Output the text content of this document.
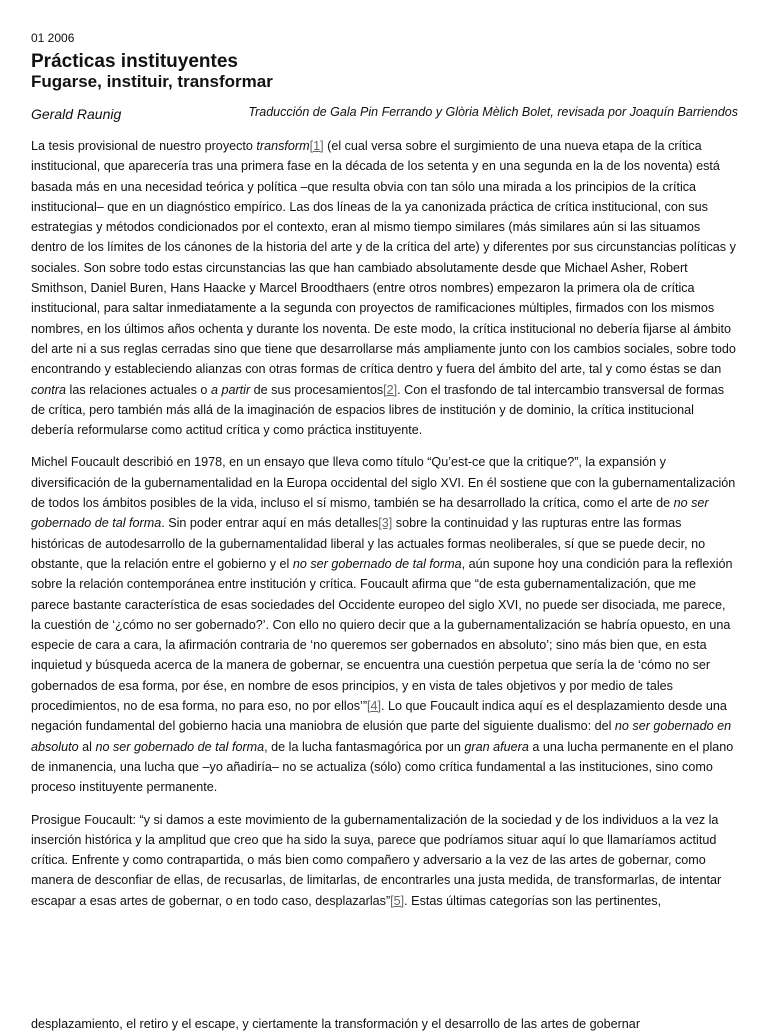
01 2006
Prácticas instituyentes
Fugarse, instituir, transformar
Gerald Raunig	Traducción de Gala Pin Ferrando y Glòria Mèlich Bolet, revisada por Joaquín Barriendos
La tesis provisional de nuestro proyecto transform[1] (el cual versa sobre el surgimiento de una nueva etapa de la crítica institucional, que aparecería tras una primera fase en la década de los setenta y en una segunda en la de los noventa) está basada más en una necesidad teórica y política –que resulta obvia con tan sólo una mirada a los principios de la crítica institucional– que en un diagnóstico empírico. Las dos líneas de la ya canonizada práctica de crítica institucional, con sus estrategias y métodos condicionados por el contexto, eran al mismo tiempo similares (más similares aún si las situamos dentro de los límites de los cánones de la historia del arte y de la crítica del arte) y diferentes por sus circunstancias políticas y sociales. Son sobre todo estas circunstancias las que han cambiado absolutamente desde que Michael Asher, Robert Smithson, Daniel Buren, Hans Haacke y Marcel Broodthaers (entre otros nombres) empezaron la primera ola de crítica institucional, para saltar inmediatamente a la segunda con proyectos de ramificaciones múltiples, firmados con los mismos nombres, en los últimos años ochenta y durante los noventa. De este modo, la crítica institucional no debería fijarse al ámbito del arte ni a sus reglas cerradas sino que tiene que desarrollarse más ampliamente junto con los cambios sociales, sobre todo encontrando y estableciendo alianzas con otras formas de crítica dentro y fuera del ámbito del arte, tal y como éstas se dan contra las relaciones actuales o a partir de sus procesamientos[2]. Con el trasfondo de tal intercambio transversal de formas de crítica, pero también más allá de la imaginación de espacios libres de institución y de dominio, la crítica institucional debería reformularse como actitud crítica y como práctica instituyente.
Michel Foucault describió en 1978, en un ensayo que lleva como título “Qu’est-ce que la critique?”, la expansión y diversificación de la gubernamentalidad en la Europa occidental del siglo XVI. En él sostiene que con la gubernamentalización de todos los ámbitos posibles de la vida, incluso el sí mismo, también se ha desarrollado la crítica, como el arte de no ser gobernado de tal forma. Sin poder entrar aquí en más detalles[3] sobre la continuidad y las rupturas entre las formas históricas de autodesarrollo de la gubernamentalidad liberal y las actuales formas neoliberales, sí que se puede decir, no obstante, que la relación entre el gobierno y el no ser gobernado de tal forma, aún supone hoy una condición para la reflexión sobre la relación contemporánea entre institución y crítica. Foucault afirma que “de esta gubernamentalización, que me parece bastante característica de esas sociedades del Occidente europeo del siglo XVI, no puede ser disociada, me parece, la cuestión de ‘¿cómo no ser gobernado?’. Con ello no quiero decir que a la gubernamentalización se habría opuesto, en una especie de cara a cara, la afirmación contraria de ‘no queremos ser gobernados en absoluto’; sino más bien que, en esta inquietud y búsqueda acerca de la manera de gobernar, se encuentra una cuestión perpetua que sería la de ‘cómo no ser gobernados de esa forma, por ése, en nombre de esos principios, y en vista de tales objetivos y por medio de tales procedimientos, no de esa forma, no para eso, no por ellos’”[4]. Lo que Foucault indica aquí es el desplazamiento desde una negación fundamental del gobierno hacia una maniobra de elusión que parte del siguiente dualismo: del no ser gobernado en absoluto al no ser gobernado de tal forma, de la lucha fantasmagórica por un gran afuera a una lucha permanente en el plano de inmanencia, una lucha que –yo añadiría– no se actualiza (sólo) como crítica fundamental a las instituciones, sino como proceso instituyente permanente.
Prosigue Foucault: “y si damos a este movimiento de la gubernamentalización de la sociedad y de los individuos a la vez la inserción histórica y la amplitud que creo que ha sido la suya, parece que podríamos situar aquí lo que llamaríamos actitud crítica. Enfrente y como contrapartida, o más bien como compañero y adversario a la vez de las artes de gobernar, como manera de desconfiar de ellas, de recusarlas, de limitarlas, de encontrarles una justa medida, de transformarlas, de intentar escapar a esas artes de gobernar, o en todo caso, desplazarlas”[5]. Estas últimas categorías son las pertinentes,
desplazamiento, el retiro y el escape, y ciertamente la transformación y el desarrollo de las artes de gobernar
